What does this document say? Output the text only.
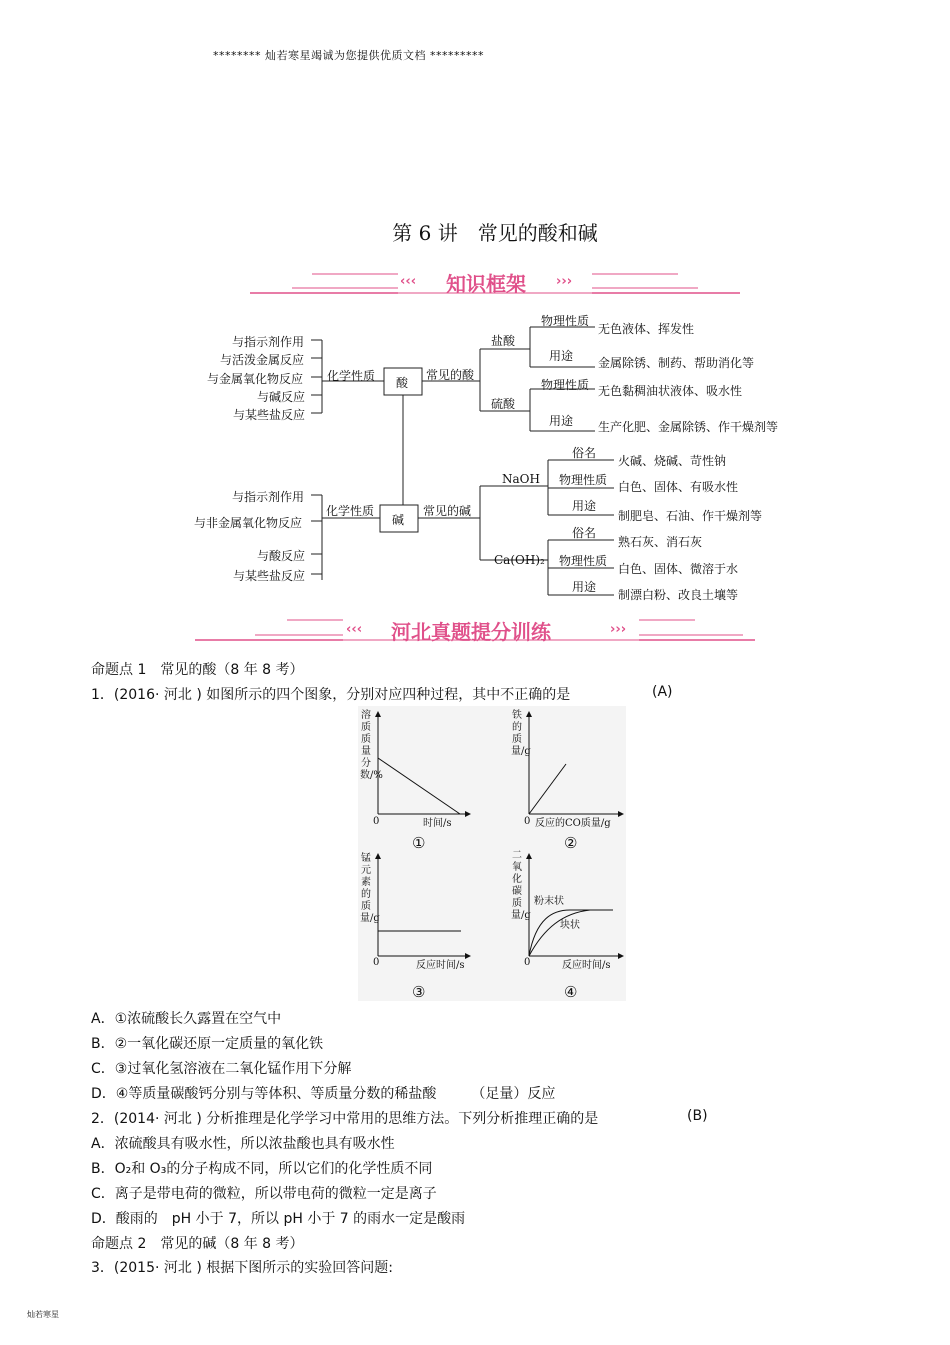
******** 灿若寒星竭诚为您提供优质文档 *********
第 6 讲　常见的酸和碱
‹‹‹ 知识框架 ›››
与指示剂作用
与活泼金属反应
与金属氧化物反应
与碱反应
与某些盐反应
化学性质 酸
常见的酸
盐酸
物理性质
无色液体、挥发性
用途 金属除锈、制药、帮助消化等
硫酸
物理性质 无色黏稠油状液体、吸水性
用途 生产化肥、金属除锈、作干燥剂等
与指示剂作用
与非金属氧化物反应
与酸反应
与某些盐反应
化学性质
碱
常见的碱
NaOH
俗名
火碱、烧碱、苛性钠
物理性质 白色、固体、有吸水性
用途
制肥皂、石油、作干燥剂等
Ca(OH)₂
俗名
熟石灰、消石灰
物理性质
白色、固体、微溶于水
用途
制漂白粉、改良土壤等
‹‹‹ 河北真题提分训练	›››
命题点 1　常见的酸（8 年 8 考）
1．(2016· 河北 ) 如图所示的四个图象，分别对应四种过程，其中不正确的是	(A)
溶质质量分数/%
0	时间/s
①
铁的质量/g
0 反应的CO质量/g
②
锰元素的质量/g
0	反应时间/s
③
二氧化碳质量/g
0	反应时间/s
粉末状
块状
④
A．①浓硫酸长久露置在空气中
B．②一氧化碳还原一定质量的氧化铁
C．③过氧化氢溶液在二氧化锰作用下分解
D．④等质量碳酸钙分别与等体积、等质量分数的稀盐酸　　　（足量）反应
2．(2014· 河北 ) 分析推理是化学学习中常用的思维方法。下列分析推理正确的是	(B)
A．浓硫酸具有吸水性，所以浓盐酸也具有吸水性
B．O₂和 O₃的分子构成不同，所以它们的化学性质不同
C．离子是带电荷的微粒，所以带电荷的微粒一定是离子
D．酸雨的　pH 小于 7，所以 pH 小于 7 的雨水一定是酸雨
命题点 2　常见的碱（8 年 8 考）
3．(2015· 河北 ) 根据下图所示的实验回答问题:
灿若寒星
